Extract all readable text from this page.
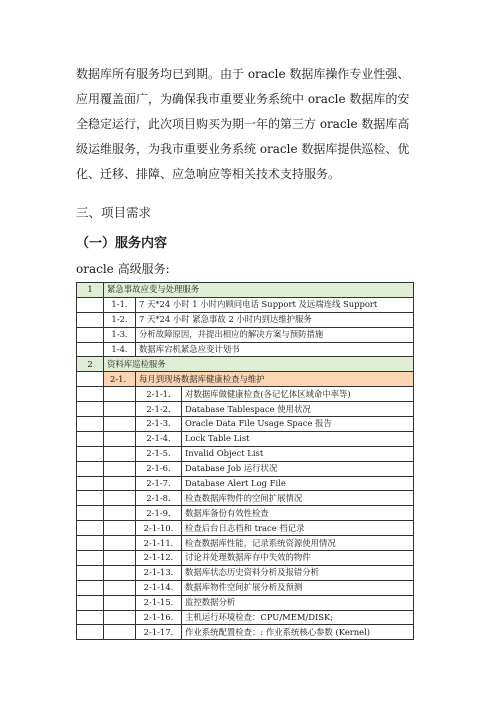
数据库所有服务均已到期。由于 oracle 数据库操作专业性强、

应用覆盖面广，为确保我市重要业务系统中 oracle 数据库的安

全稳定运行，此次项目购买为期一年的第三方 oracle 数据库高

级运维服务，为我市重要业务系统 oracle 数据库提供巡检、优

化、迁移、排障、应急响应等相关技术支持服务。

三、项目需求
（一）服务内容
oracle 高级服务:
1	紧急事故应变与处理服务		
	1-1.	7 天*24 小时 1 小时内顾问电话 Support 及远端连线 Support	
	1-2.	7 天*24 小时 紧急事故 2 小时内到达维护服务	
	1-3.	分析故障原因，并提出相应的解决方案与预防措施	
	1-4.	数据库宕机紧急应变计划书	
2	资料库巡检服务		
	2-1.	每月到现场数据库健康检查与维护	
		2-1-1.	对数据库做健康检查(各记忆体区域命中率等)
		2-1-2.	Database Tablespace 使用状况
		2-1-3.	Oracle Data File Usage Space 报告
		2-1-4.	Lock Table List
		2-1-5.	Invalid Object List
		2-1-6.	Database Job 运行状况
		2-1-7.	Database Alert Log File
		2-1-8.	检查数据库物件的空间扩展情况
		2-1-9.	数据库备份有效性检查
		2-1-10.	检查后台日志档和 trace 档记录
		2-1-11.	检查数据库性能，记录系统资源使用情况
		2-1-12.	讨论并处理数据库存中失效的物件
		2-1-13.	数据库状态历史资料分析及报错分析
		2-1-14.	数据库物件空间扩展分析及预测
		2-1-15.	监控数据分析
		2-1-16.	主机运行环境检查：CPU/MEM/DISK;
		2-1-17.	作业系统配置检查：: 作业系统核心参数 (Kernel)
